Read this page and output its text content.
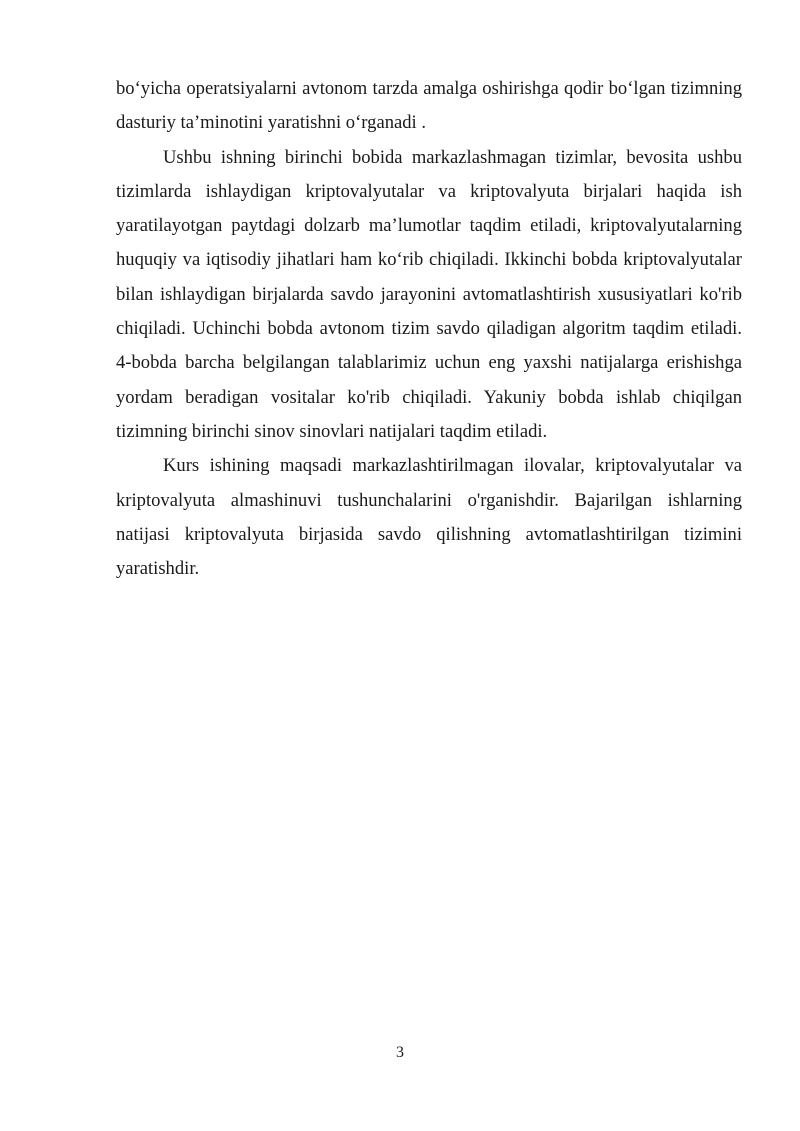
bo‘yicha operatsiyalarni avtonom tarzda amalga oshirishga qodir bo‘lgan tizimning dasturiy ta’minotini yaratishni o‘rganadi .

Ushbu ishning birinchi bobida markazlashmagan tizimlar, bevosita ushbu tizimlarda ishlaydigan kriptovalyutalar va kriptovalyuta birjalari haqida ish yaratilayotgan paytdagi dolzarb ma’lumotlar taqdim etiladi, kriptovalyutalarning huquqiy va iqtisodiy jihatlari ham ko‘rib chiqiladi. Ikkinchi bobda kriptovalyutalar bilan ishlaydigan birjalarda savdo jarayonini avtomatlashtirish xususiyatlari ko'rib chiqiladi. Uchinchi bobda avtonom tizim savdo qiladigan algoritm taqdim etiladi. 4-bobda barcha belgilangan talablarimiz uchun eng yaxshi natijalarga erishishga yordam beradigan vositalar ko'rib chiqiladi. Yakuniy bobda ishlab chiqilgan tizimning birinchi sinov sinovlari natijalari taqdim etiladi.

Kurs ishining maqsadi markazlashtirilmagan ilovalar, kriptovalyutalar va kriptovalyuta almashinuvi tushunchalarini o'rganishdir. Bajarilgan ishlarning natijasi kriptovalyuta birjasida savdo qilishning avtomatlashtirilgan tizimini yaratishdir.

3
